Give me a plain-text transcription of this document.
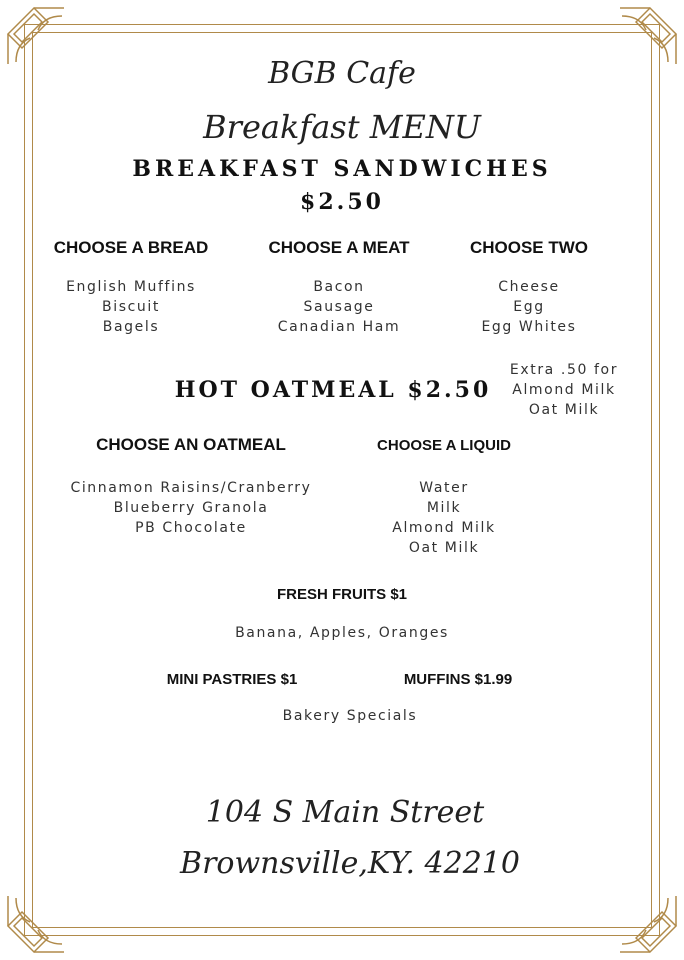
BGB Cafe
Breakfast MENU
BREAKFAST SANDWICHES
$2.50
CHOOSE A BREAD
English Muffins
Biscuit
Bagels
CHOOSE A MEAT
Bacon
Sausage
Canadian Ham
CHOOSE TWO
Cheese
Egg
Egg Whites
HOT OATMEAL $2.50
Extra .50 for
Almond Milk
Oat Milk
CHOOSE AN OATMEAL
Cinnamon Raisins/Cranberry
Blueberry Granola
PB Chocolate
CHOOSE A LIQUID
Water
Milk
Almond Milk
Oat Milk
FRESH FRUITS $1
Banana, Apples, Oranges
MINI PASTRIES $1	MUFFINS $1.99
Bakery Specials
104 S Main Street
Brownsville,KY. 42210
